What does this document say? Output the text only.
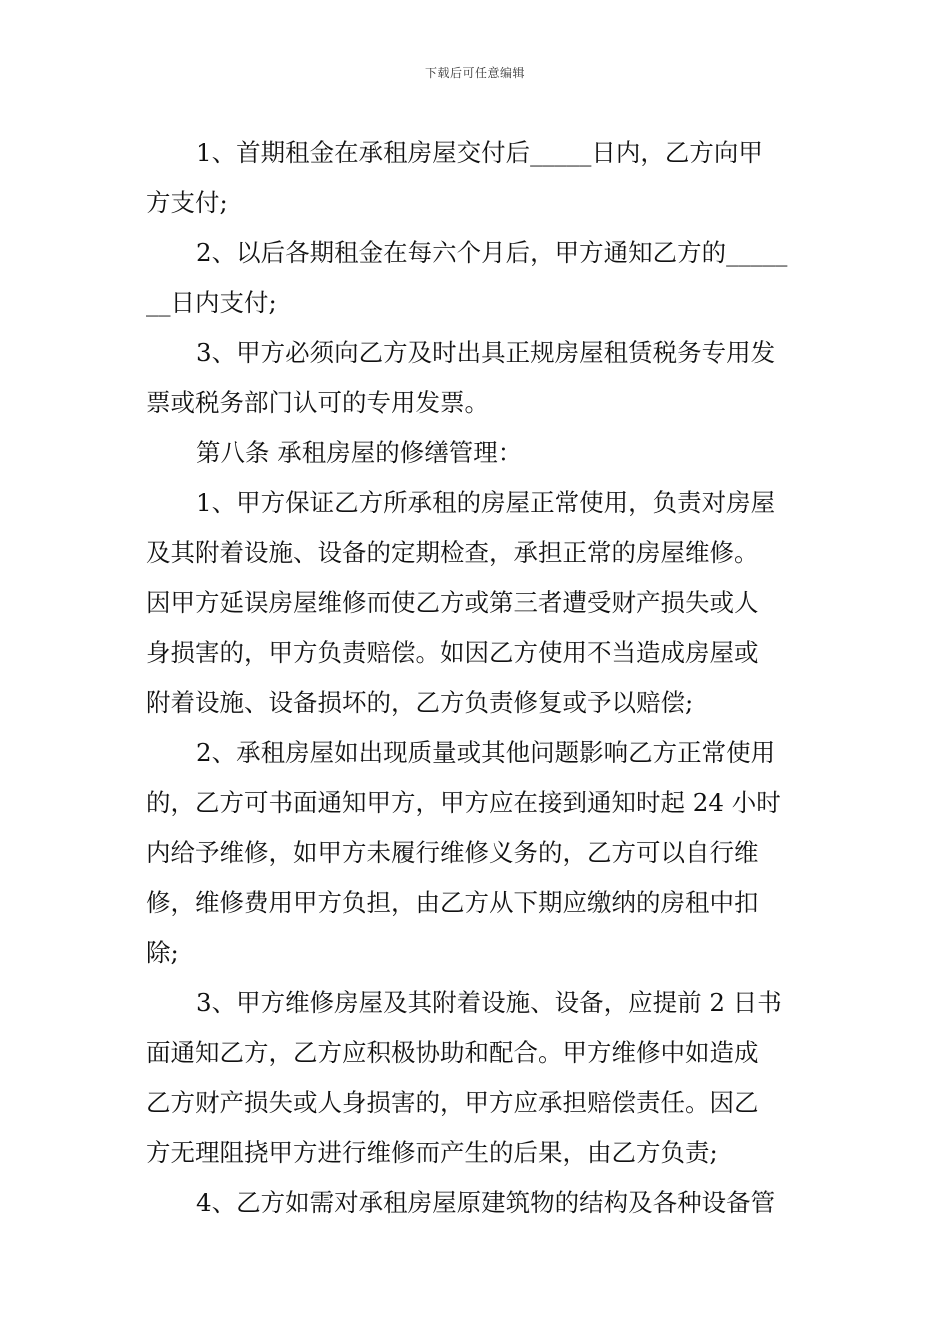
下载后可任意编辑
1、首期租金在承租房屋交付后_____日内，乙方向甲
方支付;
2、以后各期租金在每六个月后，甲方通知乙方的_____
__日内支付;
3、甲方必须向乙方及时出具正规房屋租赁税务专用发
票或税务部门认可的专用发票。
第八条 承租房屋的修缮管理：
1、甲方保证乙方所承租的房屋正常使用，负责对房屋
及其附着设施、设备的定期检查，承担正常的房屋维修。
因甲方延误房屋维修而使乙方或第三者遭受财产损失或人
身损害的，甲方负责赔偿。如因乙方使用不当造成房屋或
附着设施、设备损坏的，乙方负责修复或予以赔偿;
2、承租房屋如出现质量或其他问题影响乙方正常使用
的，乙方可书面通知甲方，甲方应在接到通知时起 24 小时
内给予维修，如甲方未履行维修义务的，乙方可以自行维
修，维修费用甲方负担，由乙方从下期应缴纳的房租中扣
除;
3、甲方维修房屋及其附着设施、设备，应提前 2 日书
面通知乙方，乙方应积极协助和配合。甲方维修中如造成
乙方财产损失或人身损害的，甲方应承担赔偿责任。因乙
方无理阻挠甲方进行维修而产生的后果，由乙方负责;
4、乙方如需对承租房屋原建筑物的结构及各种设备管
